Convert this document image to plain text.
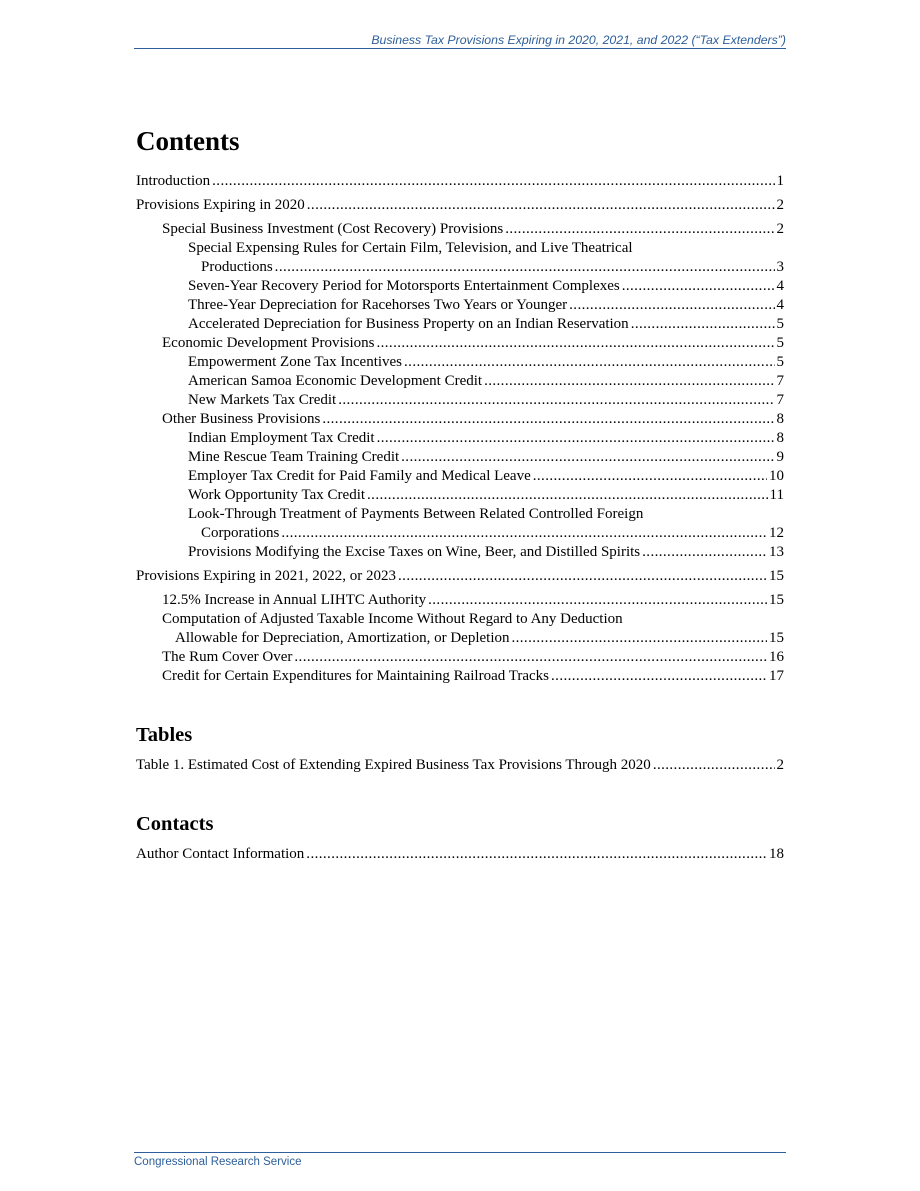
Business Tax Provisions Expiring in 2020, 2021, and 2022 (“Tax Extenders”)
Contents
Introduction .....	1
Provisions Expiring in 2020 .....	2
Special Business Investment (Cost Recovery) Provisions .....	2
Special Expensing Rules for Certain Film, Television, and Live Theatrical
Productions .....	3
Seven-Year Recovery Period for Motorsports Entertainment Complexes .....	4
Three-Year Depreciation for Racehorses Two Years or Younger .....	4
Accelerated Depreciation for Business Property on an Indian Reservation .....	5
Economic Development Provisions .....	5
Empowerment Zone Tax Incentives .....	5
American Samoa Economic Development Credit .....	7
New Markets Tax Credit .....	7
Other Business Provisions .....	8
Indian Employment Tax Credit .....	8
Mine Rescue Team Training Credit .....	9
Employer Tax Credit for Paid Family and Medical Leave .....	10
Work Opportunity Tax Credit .....	11
Look-Through Treatment of Payments Between Related Controlled Foreign
Corporations .....	12
Provisions Modifying the Excise Taxes on Wine, Beer, and Distilled Spirits .....	13
Provisions Expiring in 2021, 2022, or 2023 .....	15
12.5% Increase in Annual LIHTC Authority .....	15
Computation of Adjusted Taxable Income Without Regard to Any Deduction
Allowable for Depreciation, Amortization, or Depletion .....	15
The Rum Cover Over .....	16
Credit for Certain Expenditures for Maintaining Railroad Tracks .....	17
Tables
Table 1. Estimated Cost of Extending Expired Business Tax Provisions Through 2020 .....	2
Contacts
Author Contact Information .....	18
Congressional Research Service
